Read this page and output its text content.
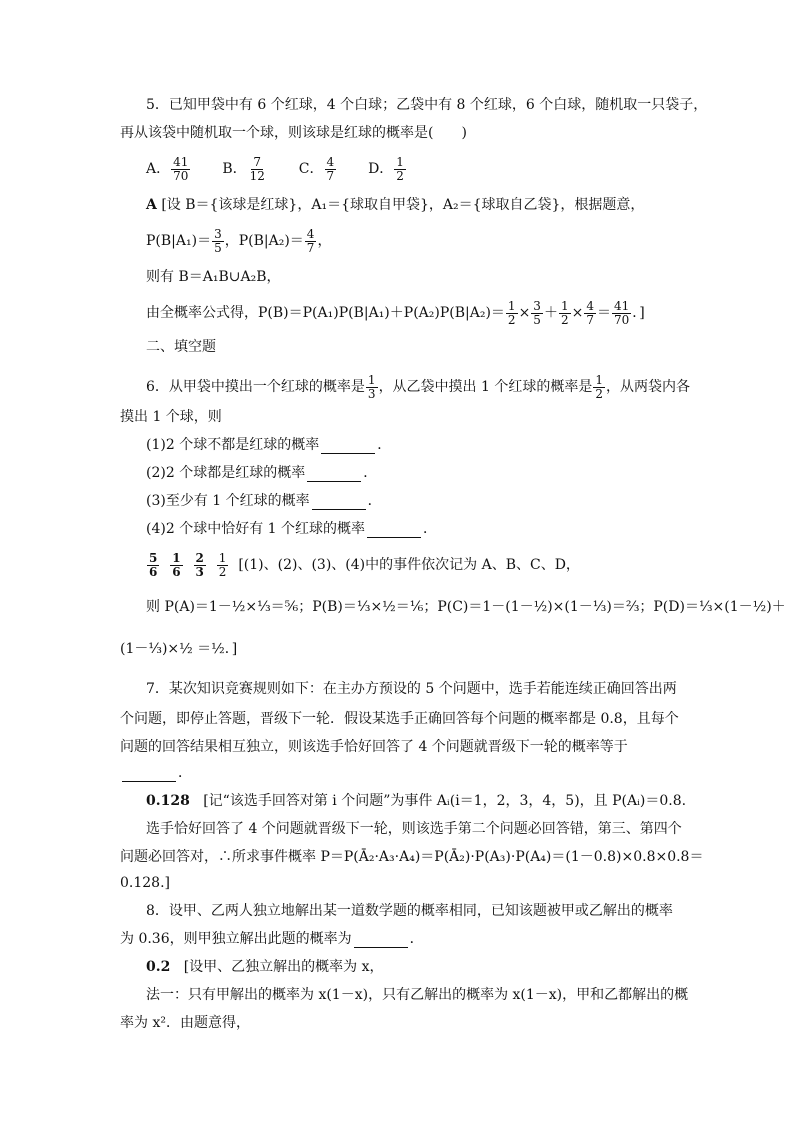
5．已知甲袋中有 6 个红球，4 个白球；乙袋中有 8 个红球，6 个白球，随机取一只袋子，
再从该袋中随机取一个球，则该球是红球的概率是(　　)
A． $\frac{41}{70}$ B． $\frac{7}{12}$ C． $\frac{4}{7}$ D． $\frac{1}{2}$
A [设 B＝{该球是红球}，A₁＝{球取自甲袋}，A₂＝{球取自乙袋}，根据题意，
$P(B|A_1)= \frac{3}{5}$ ，$P(B|A_2)= \frac{4}{7}$ ，
则有 B＝A₁B∪A₂B，
由全概率公式得，$P(B)=P(A_1)P(B|A_1)+P(A_2)P(B|A_2)= \frac{1}{2} \times \frac{3}{5} + \frac{1}{2} \times \frac{4}{7} = \frac{41}{70}$ ．]
二、填空题
6．从甲袋中摸出一个红球的概率是 $\frac{1}{3}$ ，从乙袋中摸出 1 个红球的概率是 $\frac{1}{2}$ ，从两袋内各
摸出 1 个球，则
(1)2 个球不都是红球的概率	．
(2)2 个球都是红球的概率	．
(3)至少有 1 个红球的概率	．
(4)2 个球中恰好有 1 个红球的概率	．
$\frac{5}{6}$
$\frac{1}{6}$
$\frac{2}{3}$
$\frac{1}{2} [(1)$、(2)、(3)、(4)中的事件依次记为 A、B、C、D，
则 P(A)＝1－½×⅓＝⅚；P(B)＝⅓×½＝⅙；P(C)＝1－(1－½)×(1－⅓)＝⅔；P(D)＝⅓×(1－½)＋
(1－⅓)×½ ＝½．]
7．某次知识竞赛规则如下：在主办方预设的 5 个问题中，选手若能连续正确回答出两
个问题，即停止答题，晋级下一轮．假设某选手正确回答每个问题的概率都是 0.8，且每个
问题的回答结果相互独立，则该选手恰好回答了 4 个问题就晋级下一轮的概率等于
．
0.128 [记“该选手回答对第 i 个问题”为事件 Aᵢ(i＝1，2，3，4，5)，且 P(Aᵢ)＝0.8.
选手恰好回答了 4 个问题就晋级下一轮，则该选手第二个问题必回答错，第三、第四个
问题必回答对，∴所求事件概率 P＝P(Ā₂·A₃·A₄)＝P(Ā₂)·P(A₃)·P(A₄)＝(1－0.8)×0.8×0.8＝
0.128.]
8．设甲、乙两人独立地解出某一道数学题的概率相同，已知该题被甲或乙解出的概率
为 0.36，则甲独立解出此题的概率为	．
0.2 [设甲、乙独立解出的概率为 x，
法一：只有甲解出的概率为 x(1－x)，只有乙解出的概率为 x(1－x)，甲和乙都解出的概
率为 x²．由题意得，
